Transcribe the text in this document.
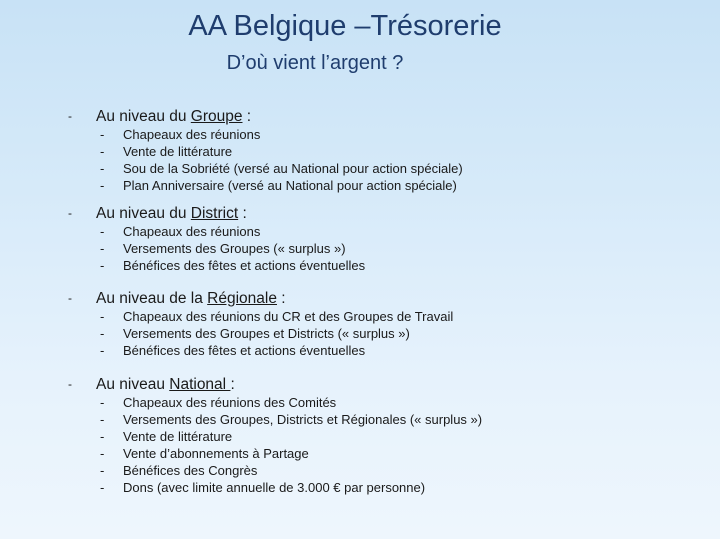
AA Belgique –Trésorerie
D’où vient l’argent ?
- Au niveau du Groupe :
- Chapeaux des réunions
- Vente de littérature
- Sou de la Sobriété (versé au National pour action spéciale)
- Plan Anniversaire (versé au National pour action spéciale)
- Au niveau du District :
- Chapeaux des réunions
- Versements des Groupes (« surplus »)
- Bénéfices des fêtes et actions éventuelles
- Au niveau de la Régionale :
- Chapeaux des réunions du CR et des Groupes de Travail
- Versements des Groupes et Districts (« surplus »)
- Bénéfices des fêtes et actions éventuelles
- Au niveau National :
- Chapeaux des réunions des Comités
- Versements des Groupes, Districts et Régionales (« surplus »)
- Vente de littérature
- Vente d’abonnements à Partage
- Bénéfices des Congrès
- Dons (avec limite annuelle de 3.000 € par personne)
